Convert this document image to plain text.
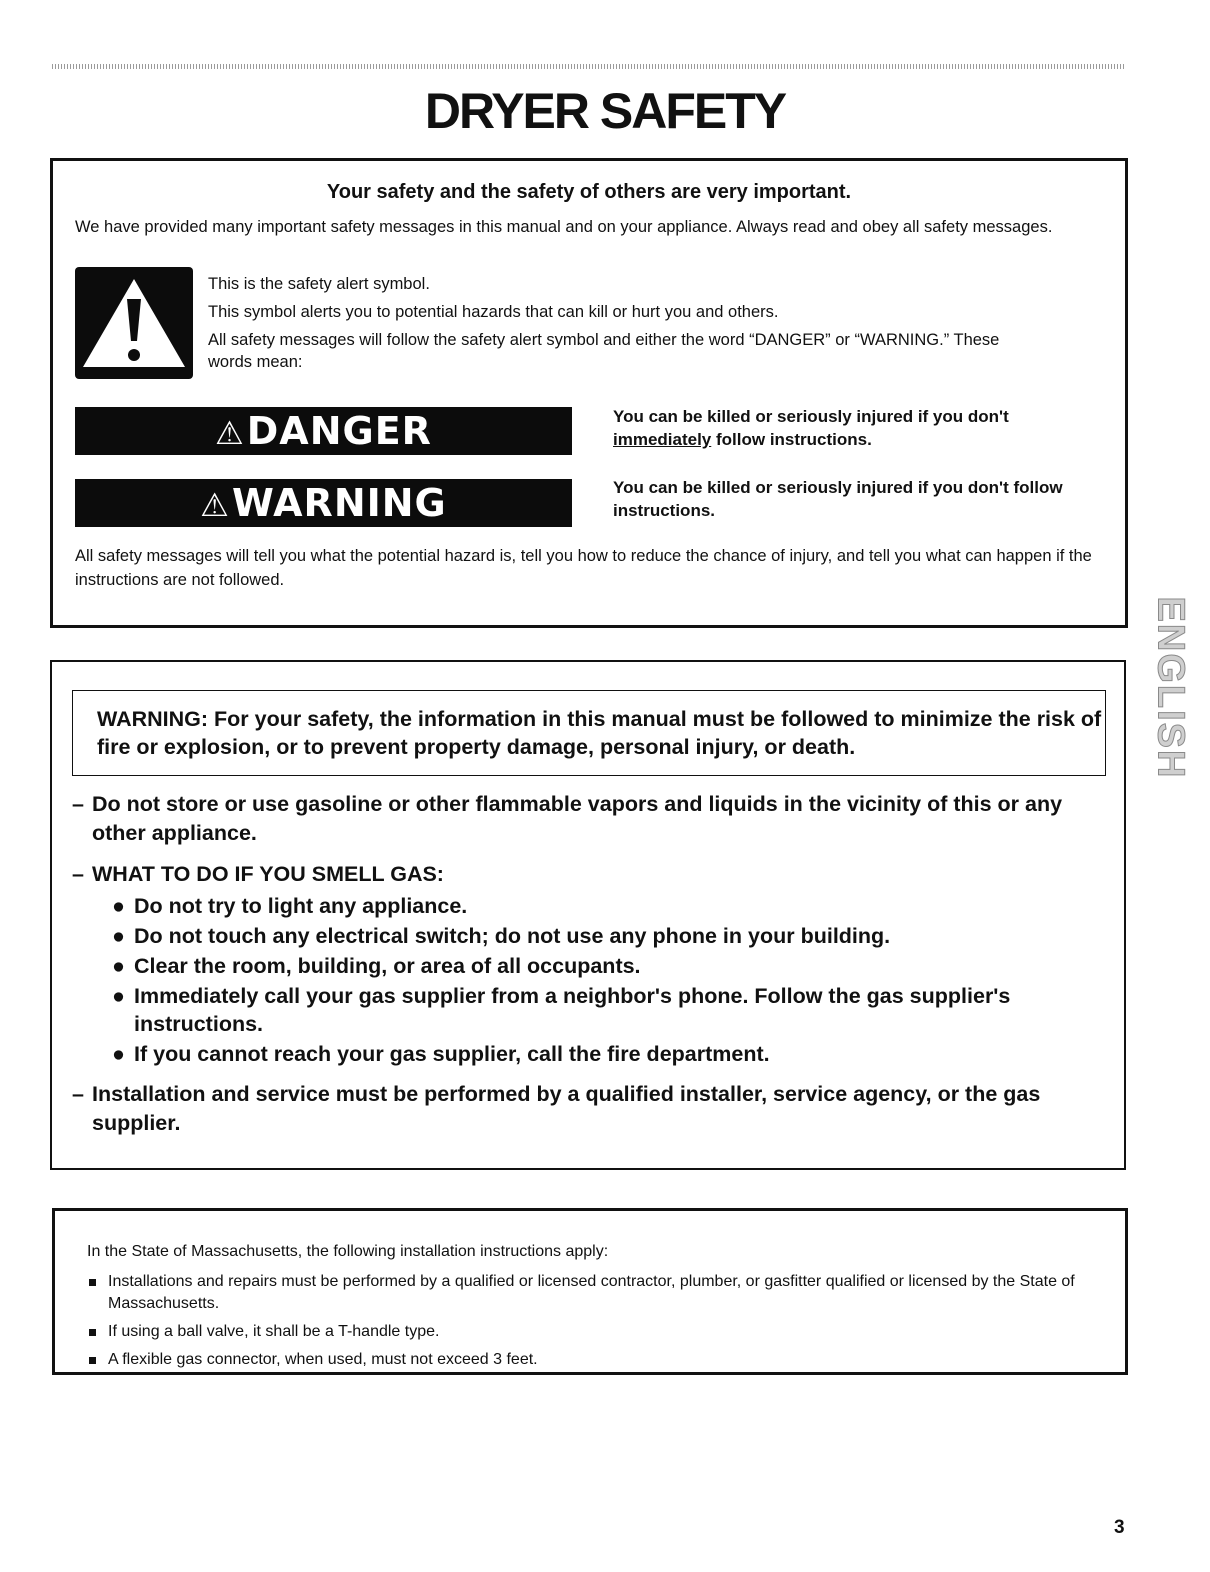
DRYER SAFETY

Your safety and the safety of others are very important.

We have provided many important safety messages in this manual and on your appliance. Always read and obey all safety messages.

This is the safety alert symbol.

This symbol alerts you to potential hazards that can kill or hurt you and others.

All safety messages will follow the safety alert symbol and either the word “DANGER” or “WARNING.” These words mean:

⚠DANGER	You can be killed or seriously injured if you don't
immediately follow instructions.
⚠WARNING	You can be killed or seriously injured if you don't follow instructions.
All safety messages will tell you what the potential hazard is, tell you how to reduce the chance of injury, and tell you what can happen if the instructions are not followed.
WARNING: For your safety, the information in this manual must be followed to minimize the risk of fire or explosion, or to prevent property damage, personal injury, or death.
– Do not store or use gasoline or other flammable vapors and liquids in the vicinity of this or any other appliance.
– WHAT TO DO IF YOU SMELL GAS:
● Do not try to light any appliance.
● Do not touch any electrical switch; do not use any phone in your building.
● Clear the room, building, or area of all occupants.
● Immediately call your gas supplier from a neighbor's phone. Follow the gas supplier's instructions.
● If you cannot reach your gas supplier, call the fire department.
– Installation and service must be performed by a qualified installer, service agency, or the gas supplier.
In the State of Massachusetts, the following installation instructions apply:
Installations and repairs must be performed by a qualified or licensed contractor, plumber, or gasfitter qualified or licensed by the State of Massachusetts.
If using a ball valve, it shall be a T-handle type.
A flexible gas connector, when used, must not exceed 3 feet.
ENGLISH
3
